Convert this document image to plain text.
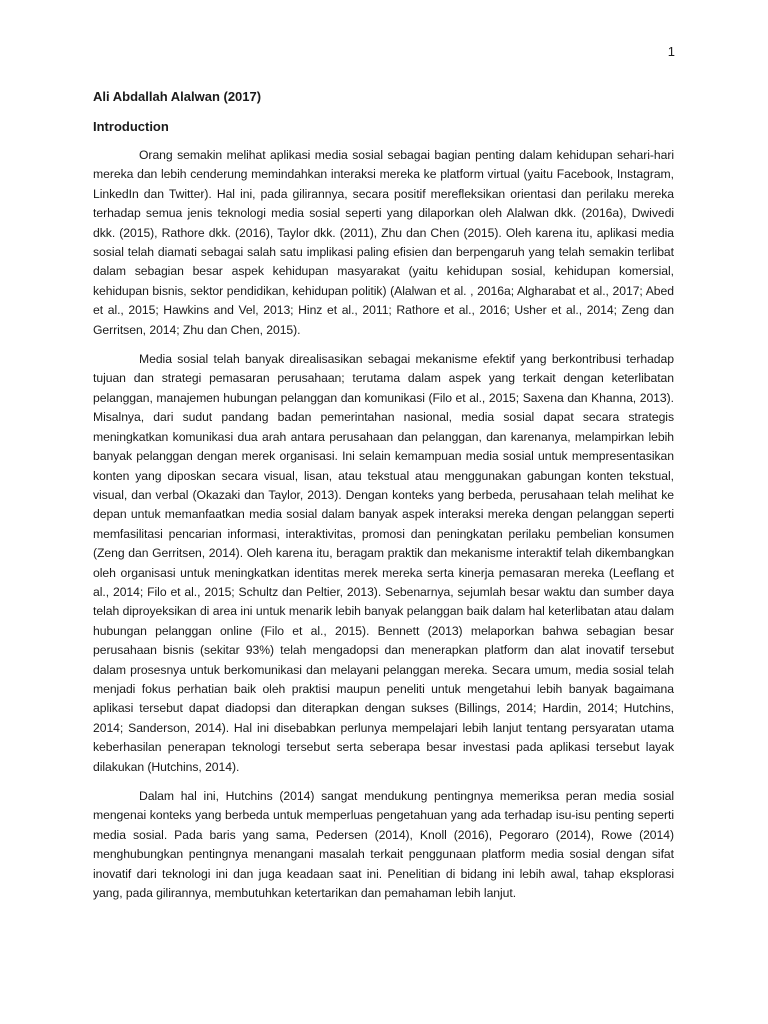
1
Ali Abdallah Alalwan (2017)
Introduction

Orang semakin melihat aplikasi media sosial sebagai bagian penting dalam kehidupan sehari-hari mereka dan lebih cenderung memindahkan interaksi mereka ke platform virtual (yaitu Facebook, Instagram, LinkedIn dan Twitter). Hal ini, pada gilirannya, secara positif merefleksikan orientasi dan perilaku mereka terhadap semua jenis teknologi media sosial seperti yang dilaporkan oleh Alalwan dkk. (2016a), Dwivedi dkk. (2015), Rathore dkk. (2016), Taylor dkk. (2011), Zhu dan Chen (2015). Oleh karena itu, aplikasi media sosial telah diamati sebagai salah satu implikasi paling efisien dan berpengaruh yang telah semakin terlibat dalam sebagian besar aspek kehidupan masyarakat (yaitu kehidupan sosial, kehidupan komersial, kehidupan bisnis, sektor pendidikan, kehidupan politik) (Alalwan et al. , 2016a; Algharabat et al., 2017; Abed et al., 2015; Hawkins and Vel, 2013; Hinz et al., 2011; Rathore et al., 2016; Usher et al., 2014; Zeng dan Gerritsen, 2014; Zhu dan Chen, 2015).

Media sosial telah banyak direalisasikan sebagai mekanisme efektif yang berkontribusi terhadap tujuan dan strategi pemasaran perusahaan; terutama dalam aspek yang terkait dengan keterlibatan pelanggan, manajemen hubungan pelanggan dan komunikasi (Filo et al., 2015; Saxena dan Khanna, 2013). Misalnya, dari sudut pandang badan pemerintahan nasional, media sosial dapat secara strategis meningkatkan komunikasi dua arah antara perusahaan dan pelanggan, dan karenanya, melampirkan lebih banyak pelanggan dengan merek organisasi. Ini selain kemampuan media sosial untuk mempresentasikan konten yang diposkan secara visual, lisan, atau tekstual atau menggunakan gabungan konten tekstual, visual, dan verbal (Okazaki dan Taylor, 2013). Dengan konteks yang berbeda, perusahaan telah melihat ke depan untuk memanfaatkan media sosial dalam banyak aspek interaksi mereka dengan pelanggan seperti memfasilitasi pencarian informasi, interaktivitas, promosi dan peningkatan perilaku pembelian konsumen (Zeng dan Gerritsen, 2014). Oleh karena itu, beragam praktik dan mekanisme interaktif telah dikembangkan oleh organisasi untuk meningkatkan identitas merek mereka serta kinerja pemasaran mereka (Leeflang et al., 2014; Filo et al., 2015; Schultz dan Peltier, 2013). Sebenarnya, sejumlah besar waktu dan sumber daya telah diproyeksikan di area ini untuk menarik lebih banyak pelanggan baik dalam hal keterlibatan atau dalam hubungan pelanggan online (Filo et al., 2015). Bennett (2013) melaporkan bahwa sebagian besar perusahaan bisnis (sekitar 93%) telah mengadopsi dan menerapkan platform dan alat inovatif tersebut dalam prosesnya untuk berkomunikasi dan melayani pelanggan mereka. Secara umum, media sosial telah menjadi fokus perhatian baik oleh praktisi maupun peneliti untuk mengetahui lebih banyak bagaimana aplikasi tersebut dapat diadopsi dan diterapkan dengan sukses (Billings, 2014; Hardin, 2014; Hutchins, 2014; Sanderson, 2014). Hal ini disebabkan perlunya mempelajari lebih lanjut tentang persyaratan utama keberhasilan penerapan teknologi tersebut serta seberapa besar investasi pada aplikasi tersebut layak dilakukan (Hutchins, 2014).

Dalam hal ini, Hutchins (2014) sangat mendukung pentingnya memeriksa peran media sosial mengenai konteks yang berbeda untuk memperluas pengetahuan yang ada terhadap isu-isu penting seperti media sosial. Pada baris yang sama, Pedersen (2014), Knoll (2016), Pegoraro (2014), Rowe (2014) menghubungkan pentingnya menangani masalah terkait penggunaan platform media sosial dengan sifat inovatif dari teknologi ini dan juga keadaan saat ini. Penelitian di bidang ini lebih awal, tahap eksplorasi yang, pada gilirannya, membutuhkan ketertarikan dan pemahaman lebih lanjut.
